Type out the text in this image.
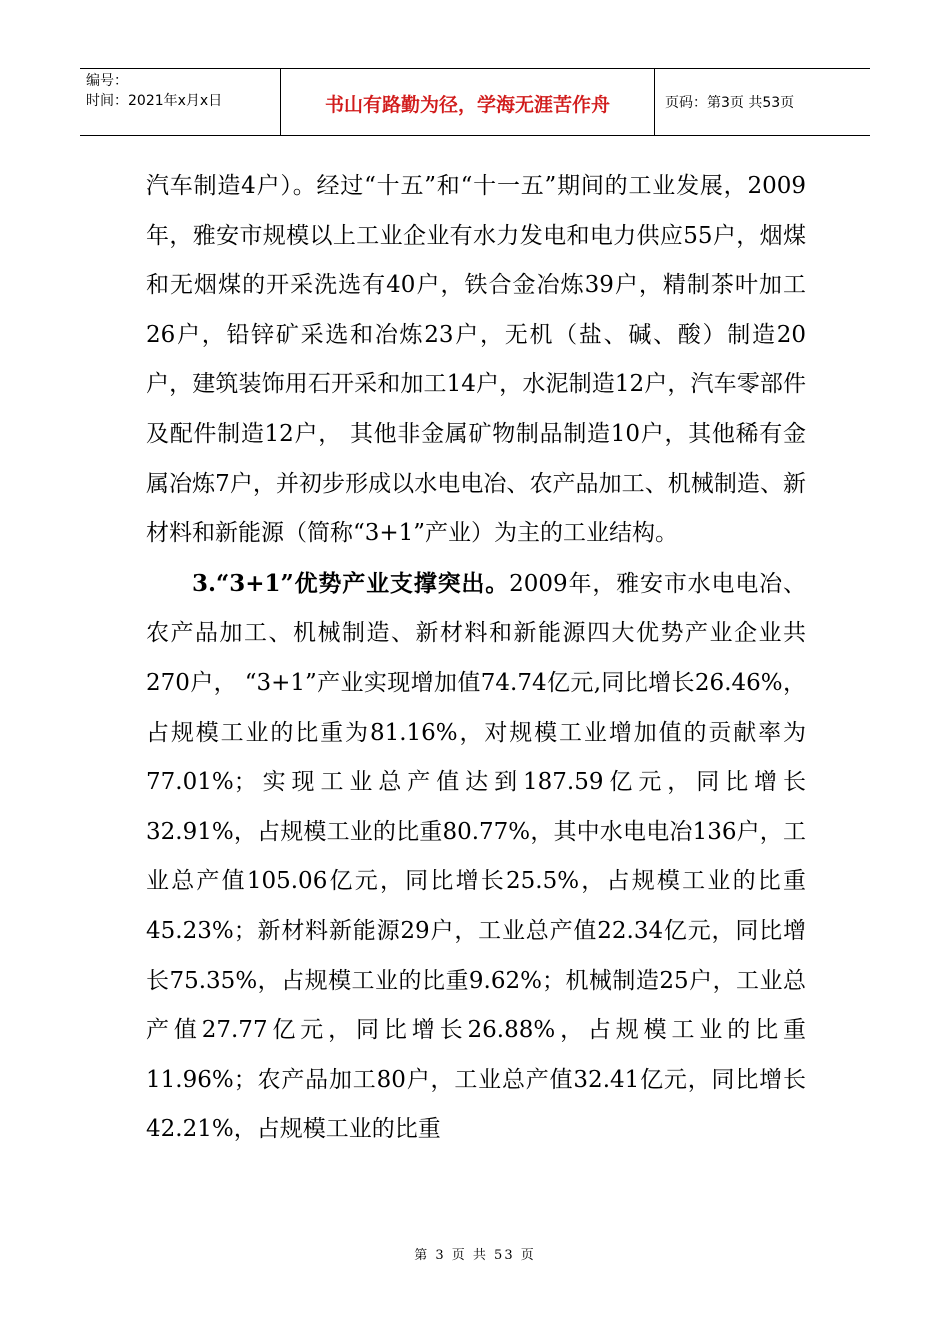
编号：
时间：2021年x月x日	书山有路勤为径，学海无涯苦作舟	页码：第3页 共53页

汽车制造4户）。经过“十五”和“十一五”期间的工业发展，2009年，雅安市规模以上工业企业有水力发电和电力供应55户，烟煤和无烟煤的开采洗选有40户，铁合金冶炼39户，精制茶叶加工26户，铅锌矿采选和冶炼23户，无机（盐、碱、酸）制造20户，建筑装饰用石开采和加工14户，水泥制造12户，汽车零部件及配件制造12户， 其他非金属矿物制品制造10户，其他稀有金属冶炼7户，并初步形成以水电电冶、农产品加工、机械制造、新材料和新能源（简称“3+1”产业）为主的工业结构。

3.“3+1”优势产业支撑突出。2009年，雅安市水电电冶、农产品加工、机械制造、新材料和新能源四大优势产业企业共270户， “3+1”产业实现增加值74.74亿元,同比增长26.46%，占规模工业的比重为81.16%，对规模工业增加值的贡献率为77.01%；实现工业总产值达到187.59亿元，同比增长32.91%，占规模工业的比重80.77%，其中水电电冶136户，工业总产值105.06亿元，同比增长25.5%，占规模工业的比重45.23%；新材料新能源29户，工业总产值22.34亿元，同比增长75.35%，占规模工业的比重9.62%；机械制造25户，工业总产值27.77亿元，同比增长26.88%，占规模工业的比重11.96%；农产品加工80户，工业总产值32.41亿元，同比增长42.21%，占规模工业的比重

第 3 页 共 53 页
